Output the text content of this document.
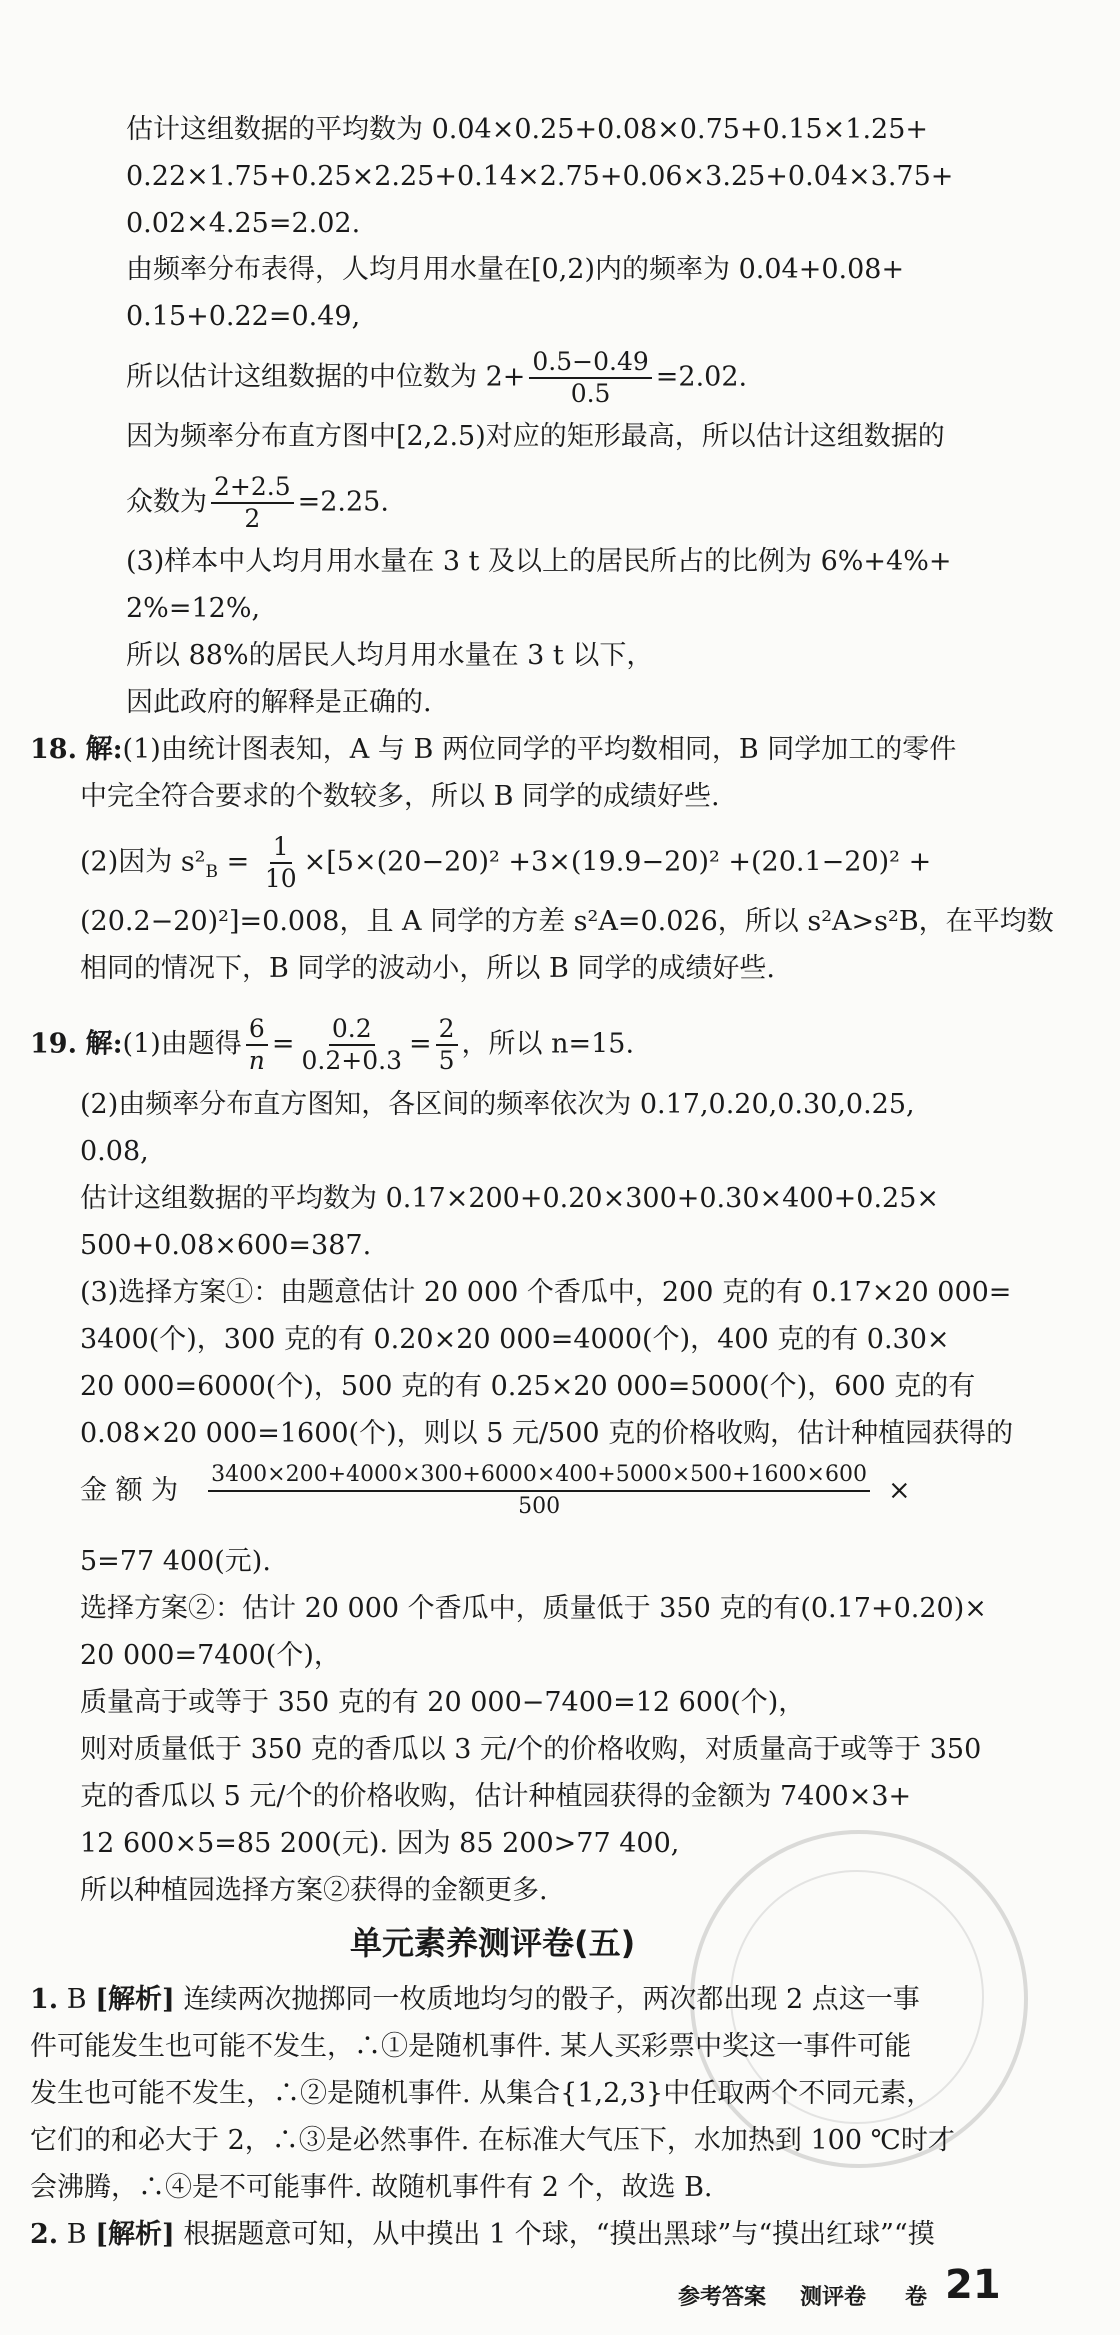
估计这组数据的平均数为 0.04×0.25+0.08×0.75+0.15×1.25+
0.22×1.75+0.25×2.25+0.14×2.75+0.06×3.25+0.04×3.75+
0.02×4.25=2.02.
由频率分布表得，人均月用水量在[0,2)内的频率为 0.04+0.08+
0.15+0.22=0.49,
所以估计这组数据的中位数为 $2+ \frac{0.5-0.49}{0.5} =2.02$.
因为频率分布直方图中[2,2.5)对应的矩形最高，所以估计这组数据的
众数为 $\frac{2+2.5}{2} =2.25$.
(3)样本中人均月用水量在 3 t 及以上的居民所占的比例为 6%+4%+
2%=12%,
所以 88%的居民人均月用水量在 3 t 以下，
因此政府的解释是正确的.
18. 解:(1)由统计图表知，A 与 B 两位同学的平均数相同，B 同学加工的零件
中完全符合要求的个数较多，所以 B 同学的成绩好些.
(2)因为 $s^2_B = \frac{1}{10} \times[5\times(20-20)^2 +3\times(19.9-20)^2 +(20.1-20)^2$ +
(20.2−20)²]=0.008，且 A 同学的方差 s²A=0.026，所以 s²A>s²B，在平均数
相同的情况下，B 同学的波动小，所以 B 同学的成绩好些.
19. 解:(1)由题得 $\frac{6}{n} = \frac{0.2}{0.2+0.3} = \frac{2}{5}$ ，所以 n=15.
(2)由频率分布直方图知，各区间的频率依次为 0.17,0.20,0.30,0.25,
0.08,
估计这组数据的平均数为 0.17×200+0.20×300+0.30×400+0.25×
500+0.08×600=387.
(3)选择方案①：由题意估计 20 000 个香瓜中，200 克的有 0.17×20 000=
3400(个)，300 克的有 0.20×20 000=4000(个)，400 克的有 0.30×
20 000=6000(个)，500 克的有 0.25×20 000=5000(个)，600 克的有
0.08×20 000=1600(个)，则以 5 元/500 克的价格收购，估计种植园获得的
金 额 为 $\frac{3400\times 200+4000\times 300+6000\times 400+5000\times 500+1600\times 600}{500}$ ×
5=77 400(元).
选择方案②：估计 20 000 个香瓜中，质量低于 350 克的有(0.17+0.20)×
20 000=7400(个)，
质量高于或等于 350 克的有 20 000−7400=12 600(个)，
则对质量低于 350 克的香瓜以 3 元/个的价格收购，对质量高于或等于 350
克的香瓜以 5 元/个的价格收购，估计种植园获得的金额为 7400×3+
12 600×5=85 200(元). 因为 85 200>77 400,
所以种植园选择方案②获得的金额更多.
单元素养测评卷(五)
1. B [解析] 连续两次抛掷同一枚质地均匀的骰子，两次都出现 2 点这一事
件可能发生也可能不发生，∴①是随机事件. 某人买彩票中奖这一事件可能
发生也可能不发生，∴②是随机事件. 从集合{1,2,3}中任取两个不同元素，
它们的和必大于 2，∴③是必然事件. 在标准大气压下，水加热到 100 ℃时才
会沸腾，∴④是不可能事件. 故随机事件有 2 个，故选 B.
2. B [解析] 根据题意可知，从中摸出 1 个球，“摸出黑球”与“摸出红球”“摸
参考答案 测评卷 卷 21
